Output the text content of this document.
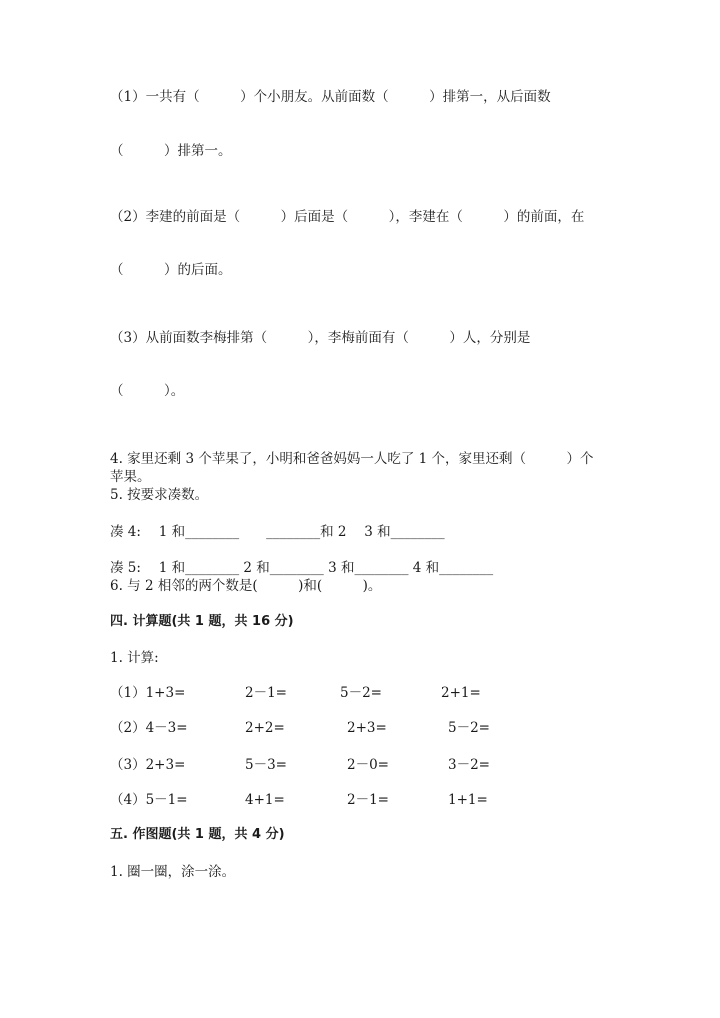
（1）一共有（　　　）个小朋友。从前面数（　　　）排第一，从后面数
（　　　）排第一。
（2）李建的前面是（　　　）后面是（　　　），李建在（　　　）的前面，在
（　　　）的后面。
（3）从前面数李梅排第（　　　），李梅前面有（　　　）人，分别是
（　　　）。
4. 家里还剩 3 个苹果了，小明和爸爸妈妈一人吃了 1 个，家里还剩（　　　）个
苹果。
5. 按要求凑数。
凑 4:　 1 和________　　________和 2 　3 和________
凑 5:　 1 和________ 2 和________ 3 和________ 4 和________
6. 与 2 相邻的两个数是(　　　)和(　　　)。
四. 计算题(共 1 题，共 16 分)
1. 计算:
（1）1+3=	2－1=	5－2=	2+1=
（2）4－3=	2+2=	2+3=	5－2=
（3）2+3=	5－3=	2－0=	3－2=
（4）5－1=	4+1=	2－1=	1+1=
五. 作图题(共 1 题，共 4 分)
1. 圈一圈，涂一涂。
